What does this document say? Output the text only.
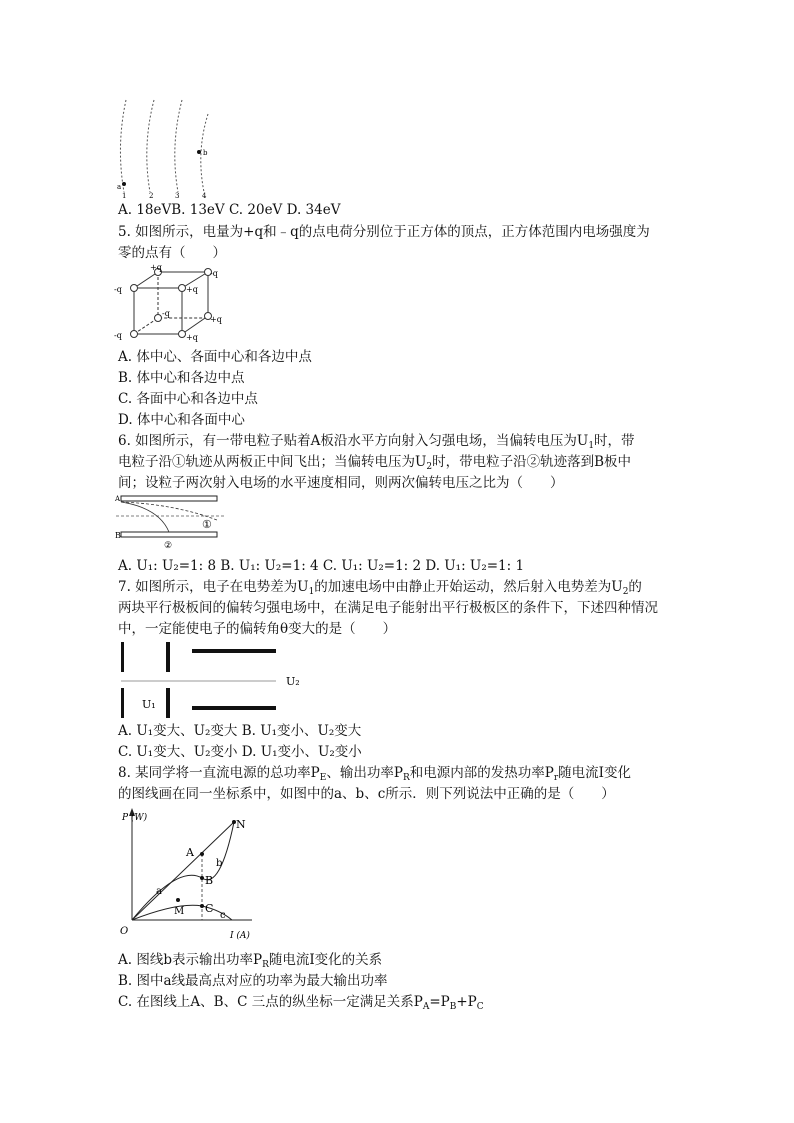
b
a
1	2	3	4
A. 18eVB. 13eV C. 20eV D. 34eV
5. 如图所示，电量为+q和﹣q的点电荷分别位于正方体的顶点，正方体范围内电场强度为
零的点有（　　）
-q
-q
-q
+q
+q
+q
-q
+q
A. 体中心、各面中心和各边中点
B. 体中心和各边中点
C. 各面中心和各边中点
D. 体中心和各面中心
6. 如图所示，有一带电粒子贴着A板沿水平方向射入匀强电场，当偏转电压为$U_1$时，带
电粒子沿①轨迹从两板正中间飞出；当偏转电压为$U_2$时，带电粒子沿②轨迹落到B板中
间；设粒子两次射入电场的水平速度相同，则两次偏转电压之比为（　　）
A
B
①
②
A. U₁: U₂=1: 8 B. U₁: U₂=1: 4 C. U₁: U₂=1: 2 D. U₁: U₂=1: 1
7. 如图所示，电子在电势差为$U_1$的加速电场中由静止开始运动，然后射入电势差为$U_2$的
两块平行极板间的偏转匀强电场中，在满足电子能射出平行极板区的条件下，下述四种情况
中，一定能使电子的偏转角θ变大的是（　　）
U₁
U₂
A. U₁变大、U₂变大 B. U₁变小、U₂变大
C. U₁变大、U₂变小 D. U₁变小、U₂变小
8. 某同学将一直流电源的总功率$P_E$、输出功率$P_R$和电源内部的发热功率$P_r$随电流I变化
的图线画在同一坐标系中，如图中的a、b、c所示．则下列说法中正确的是（　　）
P (W)
I (A)
O
N
A
B
C
M
a
b
c
A. 图线b表示输出功率$P_R$随电流I变化的关系
B. 图中a线最高点对应的功率为最大输出功率
C. 在图线上A、B、C 三点的纵坐标一定满足关系$P_A=P_B+P_C$
